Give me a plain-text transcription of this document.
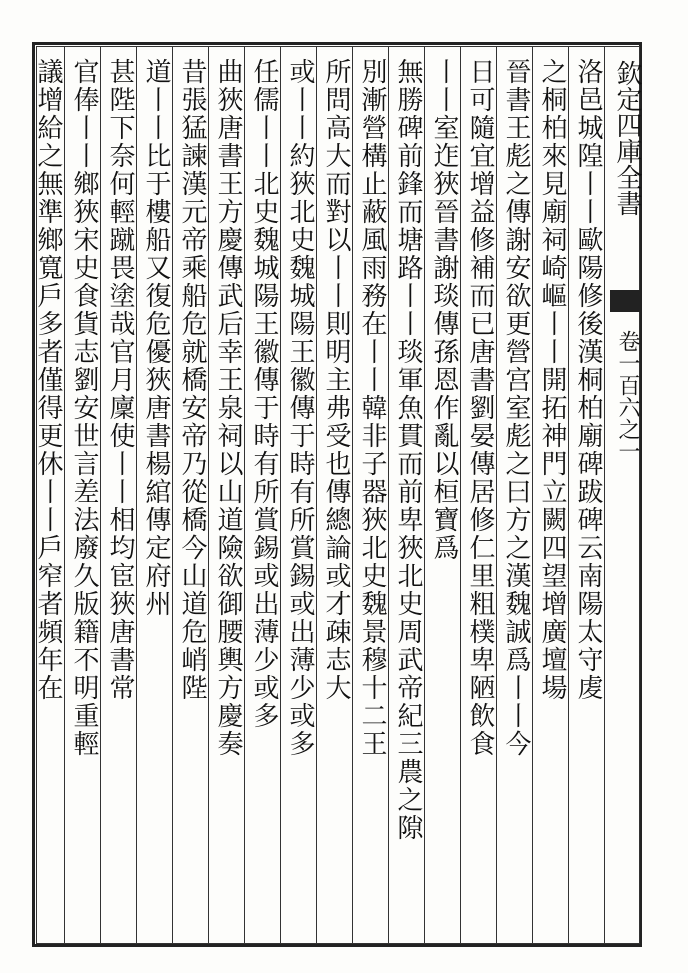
欽定四庫全書
卷一百六之一
洛邑城隍丨丨歐陽修後漢桐柏廟碑跋碑云南陽太守䖍
之桐柏來見廟祠崎嶇丨丨開拓神門立闕四望增廣壇場
晉書王彪之傳謝安欲更營宫室彪之曰方之漢魏誠爲丨丨今
日可隨宜增益修補而已唐書劉晏傳居修仁里粗樸卑陋飲食
丨丨室迮狹晉書謝琰傳孫恩作亂以桓寶爲
無勝碑前鋒而塘路丨丨琰軍魚貫而前卑狹北史周武帝紀三農之隙
別漸營構止蔽風雨務在丨丨韓非子器狹北史魏景穆十二王
所問高大而對以丨丨則明主弗受也傳總論或才疎志大
或丨丨約狹北史魏城陽王徽傳于時有所賞錫或出薄少或多
任儒丨丨北史魏城陽王徽傳于時有所賞錫或出薄少或多
曲狹唐書王方慶傳武后幸王泉祠以山道險欲御腰輿方慶奏
昔張猛諫漢元帝乘船危就橋安帝乃從橋今山道危峭陛
道丨丨比于樓船又復危優狹唐書楊綰傳定府州
甚陛下奈何輕蹴畏塗哉官月廩使丨丨相均宦狹唐書常
官俸丨丨鄉狹宋史食貨志劉安世言差法廢久版籍不明重輕
議增給之無準鄉寬戶多者僅得更休丨丨戶窄者頻年在
